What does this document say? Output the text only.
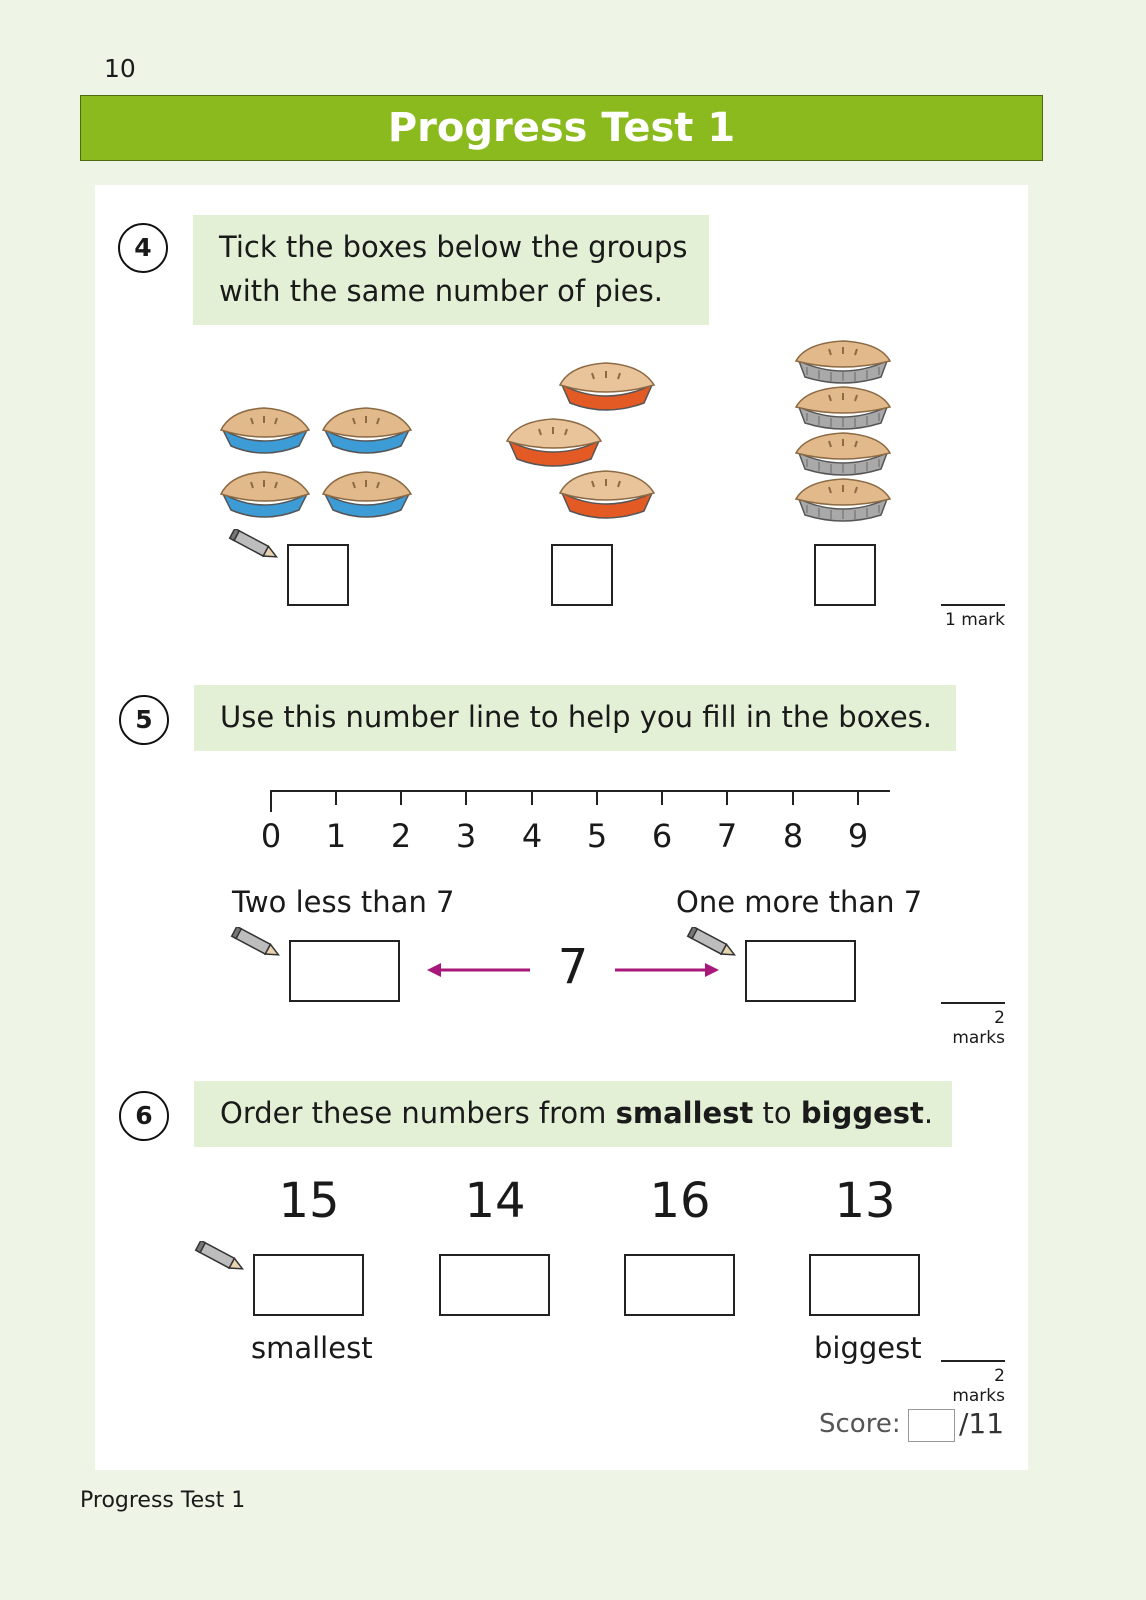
10
Progress Test 1
4	Tick the boxes below the groups
with the same number of pies.
1 mark
5	Use this number line to help you fill in the boxes.
0	1	2	3	4	5	6	7	8	9
Two less than 7	One more than 7
7
2 marks
6	Order these numbers from smallest to biggest.
15	14	16	13
smallest	biggest
2 marks
Score: /11
Progress Test 1
